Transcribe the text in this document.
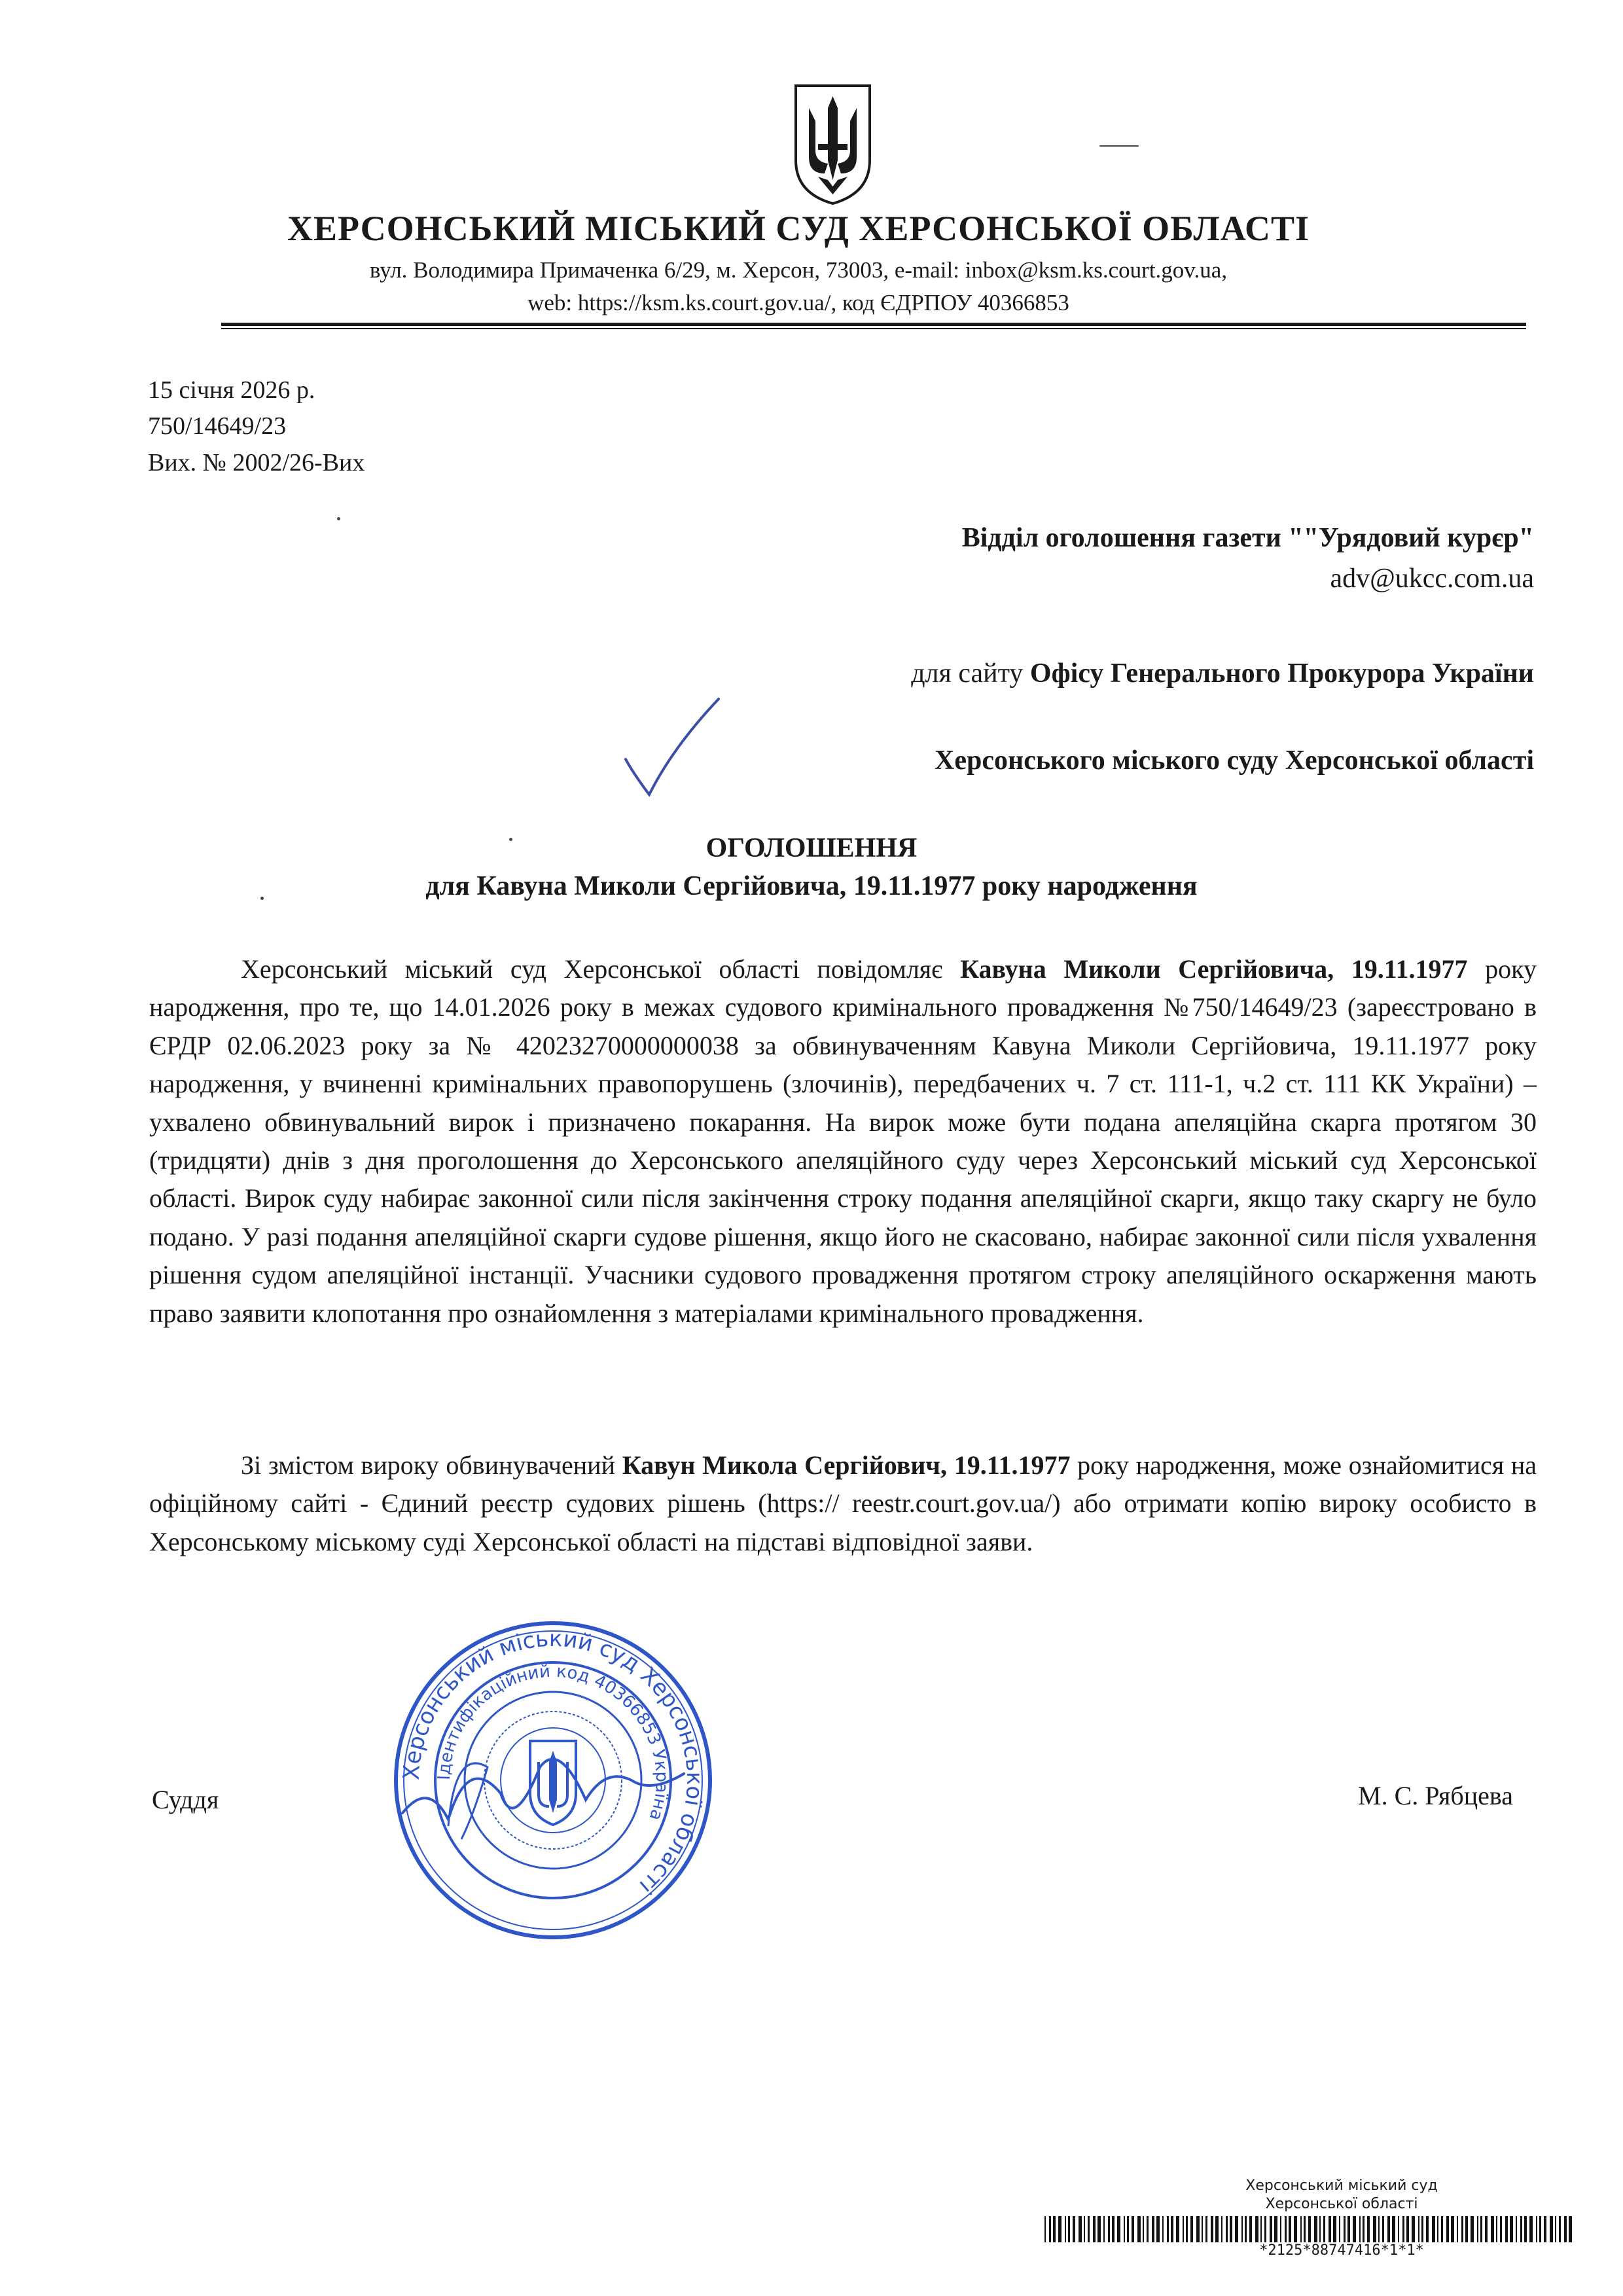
ХЕРСОНСЬКИЙ МІСЬКИЙ СУД ХЕРСОНСЬКОЇ ОБЛАСТІ
вул. Володимира Примаченка 6/29, м. Херсон, 73003, e-mail: inbox@ksm.ks.court.gov.ua,
web: https://ksm.ks.court.gov.ua/, код ЄДРПОУ 40366853
15 січня 2026 р.
750/14649/23
Вих. № 2002/26-Вих
Відділ оголошення газети ""Урядовий курєр"
adv@ukcc.com.ua
для сайту Офісу Генерального Прокурора України
Херсонського міського суду Херсонської області
ОГОЛОШЕННЯ
для Кавуна Миколи Сергійовича, 19.11.1977 року народження
Херсонський міський суд Херсонської області повідомляє Кавуна Миколи Сергійовича, 19.11.1977 року народження, про те, що 14.01.2026 року в межах судового кримінального провадження №750/14649/23 (зареєстровано в ЄРДР 02.06.2023 року за № 42023270000000038 за обвинуваченням Кавуна Миколи Сергійовича, 19.11.1977 року народження, у вчиненні кримінальних правопорушень (злочинів), передбачених ч. 7 ст. 111-1, ч.2 ст. 111 КК України) – ухвалено обвинувальний вирок і призначено покарання. На вирок може бути подана апеляційна скарга протягом 30 (тридцяти) днів з дня проголошення до Херсонського апеляційного суду через Херсонський міський суд Херсонської області. Вирок суду набирає законної сили після закінчення строку подання апеляційної скарги, якщо таку скаргу не було подано. У разі подання апеляційної скарги судове рішення, якщо його не скасовано, набирає законної сили після ухвалення рішення судом апеляційної інстанції. Учасники судового провадження протягом строку апеляційного оскарження мають право заявити клопотання про ознайомлення з матеріалами кримінального провадження.
Зі змістом вироку обвинувачений Кавун Микола Сергійович, 19.11.1977 року народження, може ознайомитися на офіційному сайті - Єдиний реєстр судових рішень (https:// reestr.court.gov.ua/) або отримати копію вироку особисто в Херсонському міському суді Херсонської області на підставі відповідної заяви.
Суддя
Херсонський міський суд Херсонської області
Ідентифікаційний код 40366853 Україна
М. С. Рябцева
Херсонський міський суд
Херсонської області
*2125*88747416*1*1*
